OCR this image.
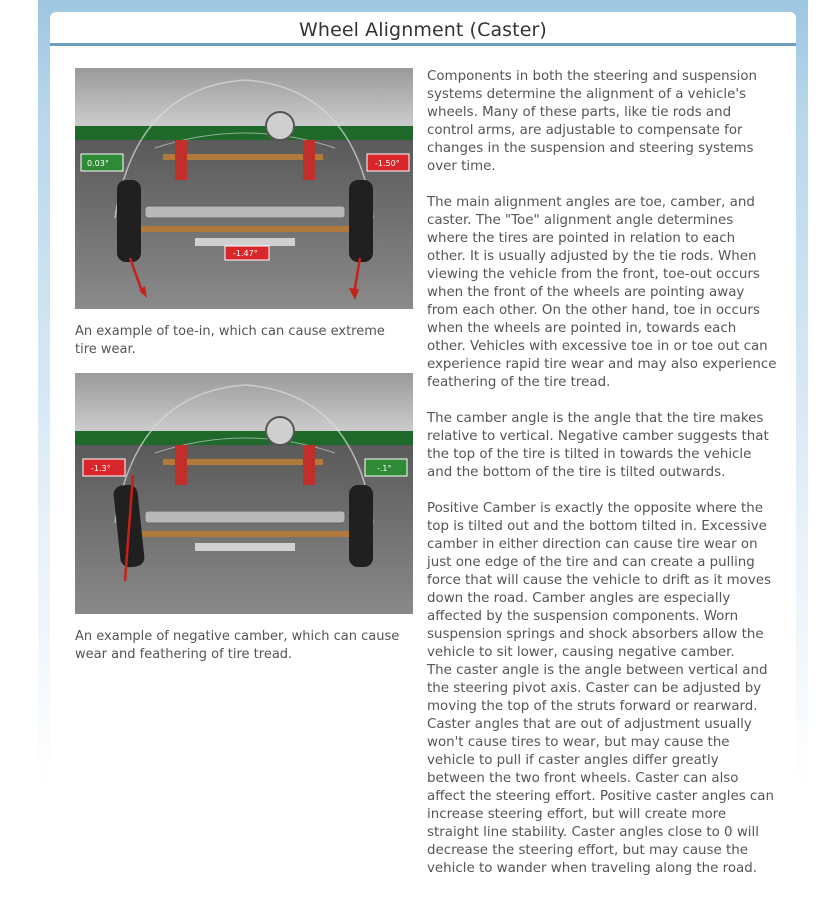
Wheel Alignment (Caster)
0.03°	-1.50°
-1.47°

An example of toe-in, which can cause extreme tire wear.

-1.3°	-.1°

An example of negative camber, which can cause wear and feathering of tire tread.

Components in both the steering and suspension systems determine the alignment of a vehicle's wheels. Many of these parts, like tie rods and control arms, are adjustable to compensate for changes in the suspension and steering systems over time.

The main alignment angles are toe, camber, and caster. The "Toe" alignment angle determines where the tires are pointed in relation to each other. It is usually adjusted by the tie rods. When viewing the vehicle from the front, toe-out occurs when the front of the wheels are pointing away from each other. On the other hand, toe in occurs when the wheels are pointed in, towards each other. Vehicles with excessive toe in or toe out can experience rapid tire wear and may also experience feathering of the tire tread.

The camber angle is the angle that the tire makes relative to vertical. Negative camber suggests that the top of the tire is tilted in towards the vehicle and the bottom of the tire is tilted outwards.

Positive Camber is exactly the opposite where the top is tilted out and the bottom tilted in. Excessive camber in either direction can cause tire wear on just one edge of the tire and can create a pulling force that will cause the vehicle to drift as it moves down the road. Camber angles are especially affected by the suspension components. Worn suspension springs and shock absorbers allow the vehicle to sit lower, causing negative camber.

The caster angle is the angle between vertical and the steering pivot axis. Caster can be adjusted by moving the top of the struts forward or rearward. Caster angles that are out of adjustment usually won't cause tires to wear, but may cause the vehicle to pull if caster angles differ greatly between the two front wheels. Caster can also affect the steering effort. Positive caster angles can increase steering effort, but will create more straight line stability. Caster angles close to 0 will decrease the steering effort, but may cause the vehicle to wander when traveling along the road.
